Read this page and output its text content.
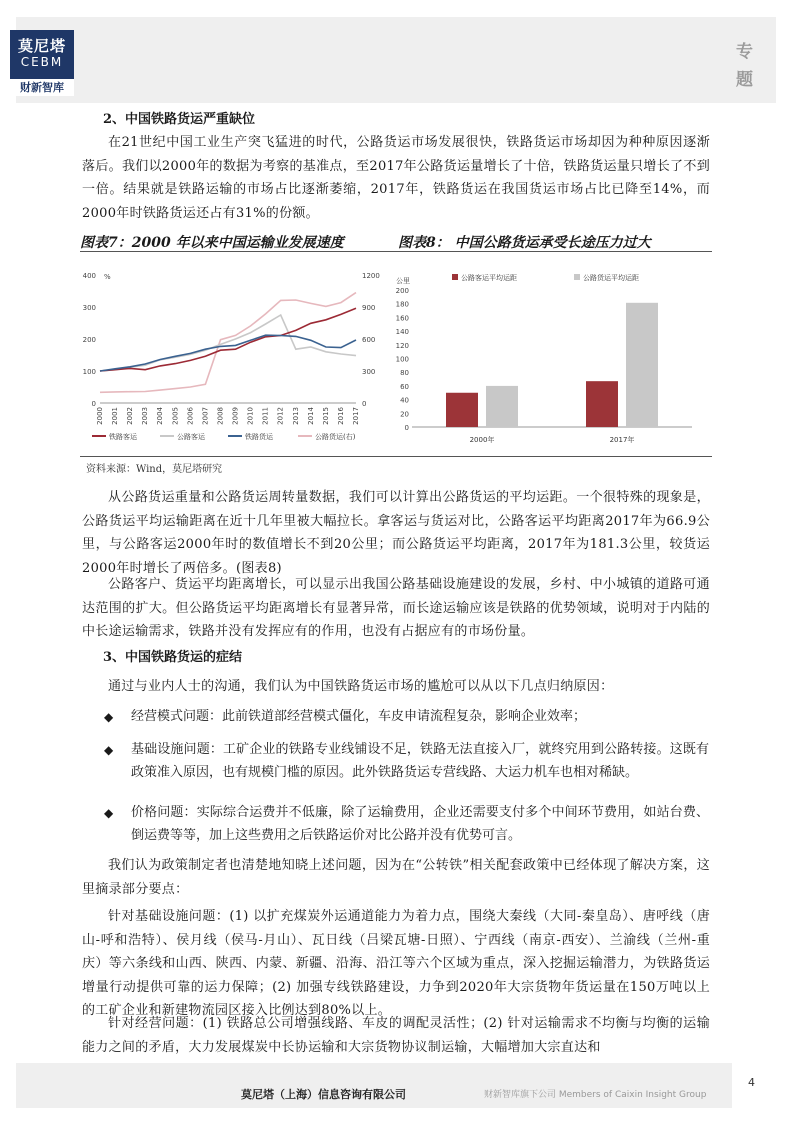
专
题
莫尼塔
CEBM
财新智库
2、中国铁路货运严重缺位
在21世纪中国工业生产突飞猛进的时代，公路货运市场发展很快，铁路货运市场却因为种种原因逐渐落后。我们以2000年的数据为考察的基准点，至2017年公路货运量增长了十倍，铁路货运量只增长了不到一倍。结果就是铁路运输的市场占比逐渐萎缩，2017年，铁路货运在我国货运市场占比已降至14%，而2000年时铁路货运还占有31%的份额。
图表7：2000 年以来中国运输业发展速度	图表8： 中国公路货运承受长途压力过大
0
100
200
300
400 %
0
300
600
900
1200
2000 2001 2002 2003 2004 2005 2006 2007 2008 2009 2010 2011 2012 2013 2014 2015 2016 2017
铁路客运	公路客运	铁路货运	公路货运(右)
0
20
40
60
80
100
120
140
160
180
200
公里
2000年	2017年
公路客运平均运距	公路货运平均运距
资料来源：Wind，莫尼塔研究
从公路货运重量和公路货运周转量数据，我们可以计算出公路货运的平均运距。一个很特殊的现象是，公路货运平均运输距离在近十几年里被大幅拉长。拿客运与货运对比，公路客运平均距离2017年为66.9公里，与公路客运2000年时的数值增长不到20公里；而公路货运平均距离，2017年为181.3公里，较货运2000年时增长了两倍多。(图表8)
公路客户、货运平均距离增长，可以显示出我国公路基础设施建设的发展，乡村、中小城镇的道路可通达范围的扩大。但公路货运平均距离增长有显著异常，而长途运输应该是铁路的优势领域，说明对于内陆的中长途运输需求，铁路并没有发挥应有的作用，也没有占据应有的市场份量。
3、中国铁路货运的症结
通过与业内人士的沟通，我们认为中国铁路货运市场的尴尬可以从以下几点归纳原因：
◆ 经营模式问题：此前铁道部经营模式僵化，车皮申请流程复杂，影响企业效率；
◆ 基础设施问题：工矿企业的铁路专业线铺设不足，铁路无法直接入厂，就终究用到公路转接。这既有政策准入原因，也有规模门槛的原因。此外铁路货运专营线路、大运力机车也相对稀缺。
◆ 价格问题：实际综合运费并不低廉，除了运输费用，企业还需要支付多个中间环节费用，如站台费、倒运费等等，加上这些费用之后铁路运价对比公路并没有优势可言。
我们认为政策制定者也清楚地知晓上述问题，因为在“公转铁”相关配套政策中已经体现了解决方案，这里摘录部分要点：
针对基础设施问题：(1) 以扩充煤炭外运通道能力为着力点，围绕大秦线（大同-秦皇岛）、唐呼线（唐山-呼和浩特）、侯月线（侯马-月山）、瓦日线（吕梁瓦塘-日照）、宁西线（南京-西安）、兰渝线（兰州-重庆）等六条线和山西、陕西、内蒙、新疆、沿海、沿江等六个区域为重点，深入挖掘运输潜力，为铁路货运增量行动提供可靠的运力保障；(2) 加强专线铁路建设，力争到2020年大宗货物年货运量在150万吨以上的工矿企业和新建物流园区接入比例达到80%以上。
针对经营问题：(1) 铁路总公司增强线路、车皮的调配灵活性；(2) 针对运输需求不均衡与均衡的运输能力之间的矛盾，大力发展煤炭中长协运输和大宗货物协议制运输，大幅增加大宗直达和
莫尼塔（上海）信息咨询有限公司	财新智库旗下公司 Members of Caixin Insight Group
4
